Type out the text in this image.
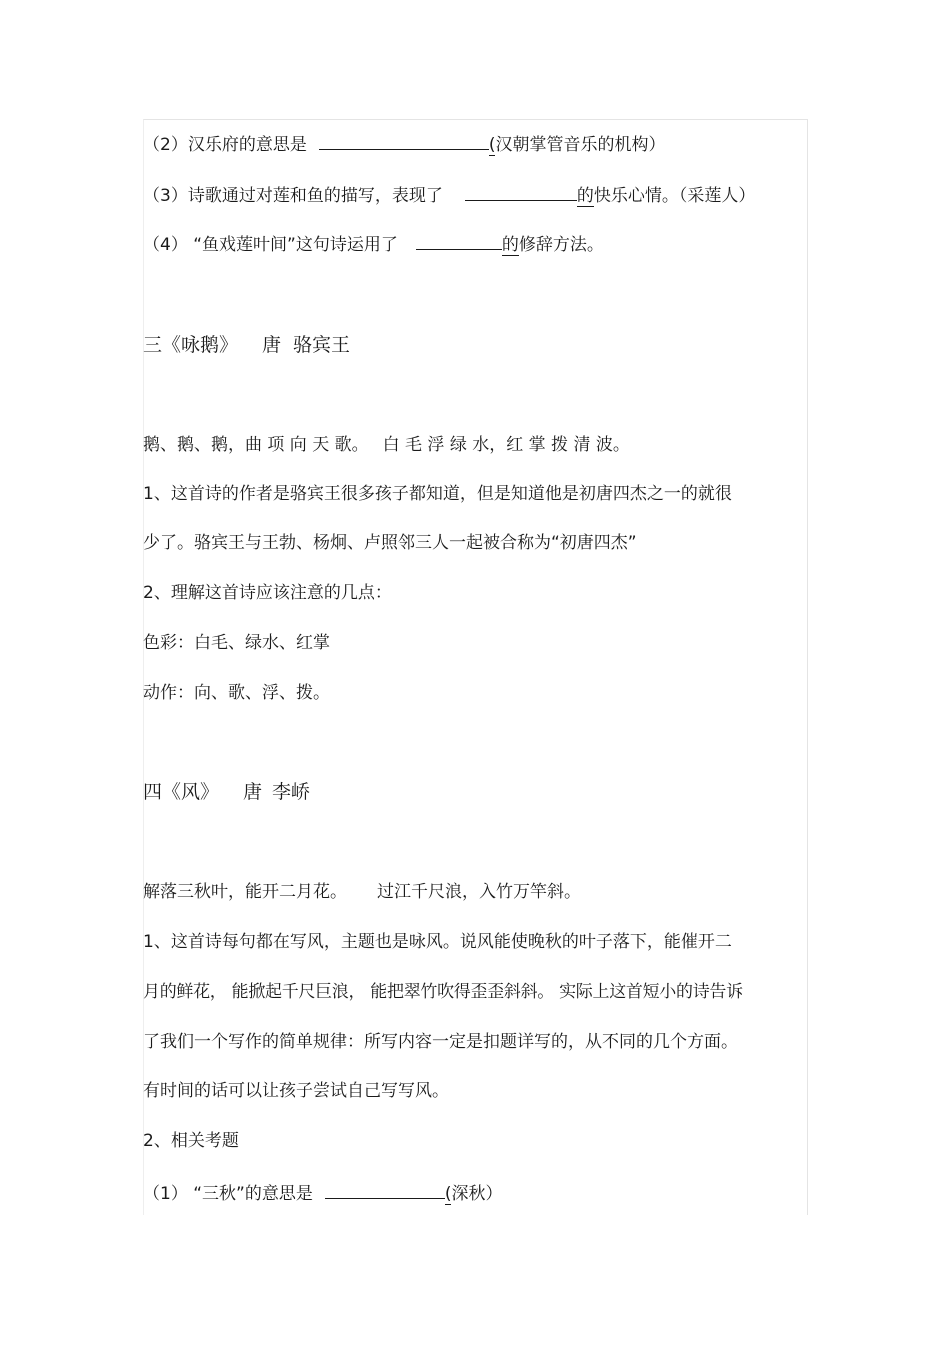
（2）汉乐府的意思是	(汉朝掌管音乐的机构）
（3）诗歌通过对莲和鱼的描写，表现了	的快乐心情。（采莲人）
（4） “鱼戏莲叶间”这句诗运用了	的修辞方法。
三《咏鹅》 唐 骆宾王
鹅、鹅、鹅，曲 项 向 天 歌。 白 毛 浮 绿 水，红 掌 拨 清 波。
1、这首诗的作者是骆宾王很多孩子都知道，但是知道他是初唐四杰之一的就很
少了。骆宾王与王勃、杨炯、卢照邻三人一起被合称为“初唐四杰”
2、理解这首诗应该注意的几点：
色彩：白毛、绿水、红掌
动作：向、歌、浮、拨。
四《风》 唐 李峤
解落三秋叶，能开二月花。 过江千尺浪，入竹万竿斜。
1、这首诗每句都在写风，主题也是咏风。说风能使晚秋的叶子落下，能催开二
月的鲜花， 能掀起千尺巨浪， 能把翠竹吹得歪歪斜斜。 实际上这首短小的诗告诉
了我们一个写作的简单规律：所写内容一定是扣题详写的，从不同的几个方面。
有时间的话可以让孩子尝试自己写写风。
2、相关考题
（1） “三秋”的意思是	(深秋）
